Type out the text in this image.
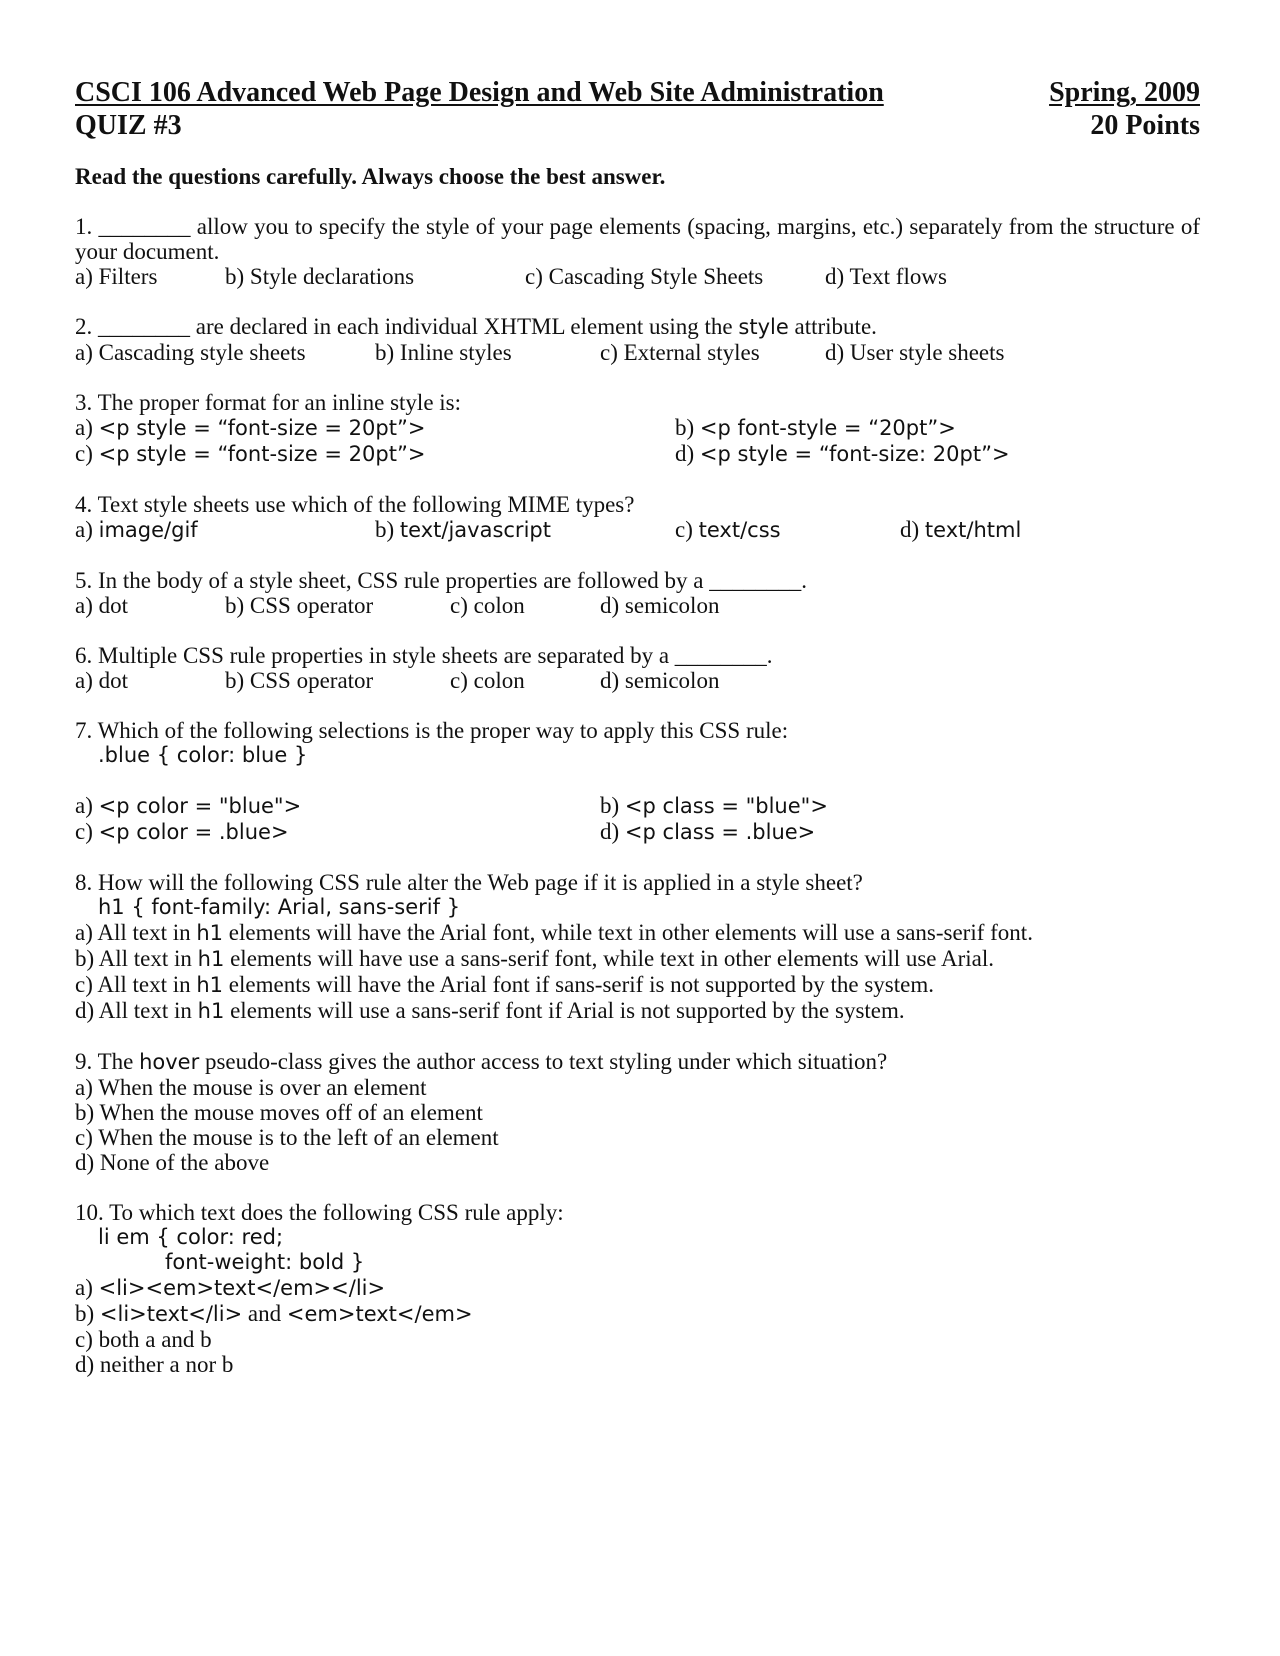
CSCI 106 Advanced Web Page Design and Web Site Administration	Spring, 2009
QUIZ #3	20 Points
Read the questions carefully. Always choose the best answer.
1. ________ allow you to specify the style of your page elements (spacing, margins, etc.) separately from the structure of your document.
a) Filters	b) Style declarations	c) Cascading Style Sheets	d) Text flows
2. ________ are declared in each individual XHTML element using the style attribute.
a) Cascading style sheets	b) Inline styles	c) External styles	d) User style sheets
3. The proper format for an inline style is:
a) <p style = “font-size = 20pt”>	b) <p font-style = “20pt”>
c) <p style = “font-size = 20pt”>	d) <p style = “font-size: 20pt”>
4. Text style sheets use which of the following MIME types?
a) image/gif	b) text/javascript	c) text/css	d) text/html
5. In the body of a style sheet, CSS rule properties are followed by a ________.
a) dot	b) CSS operator	c) colon	d) semicolon
6. Multiple CSS rule properties in style sheets are separated by a ________.
a) dot	b) CSS operator	c) colon	d) semicolon
7. Which of the following selections is the proper way to apply this CSS rule:
.blue { color: blue }
a) <p color = "blue">	b) <p class = "blue">
c) <p color = .blue>	d) <p class = .blue>
8. How will the following CSS rule alter the Web page if it is applied in a style sheet?
h1 { font-family: Arial, sans-serif }
a) All text in h1 elements will have the Arial font, while text in other elements will use a sans-serif font.
b) All text in h1 elements will have use a sans-serif font, while text in other elements will use Arial.
c) All text in h1 elements will have the Arial font if sans-serif is not supported by the system.
d) All text in h1 elements will use a sans-serif font if Arial is not supported by the system.
9. The hover pseudo-class gives the author access to text styling under which situation?
a) When the mouse is over an element
b) When the mouse moves off of an element
c) When the mouse is to the left of an element
d) None of the above
10. To which text does the following CSS rule apply:
li em { color: red;
font-weight: bold }
a) <li><em>text</em></li>
b) <li>text</li> and <em>text</em>
c) both a and b
d) neither a nor b
